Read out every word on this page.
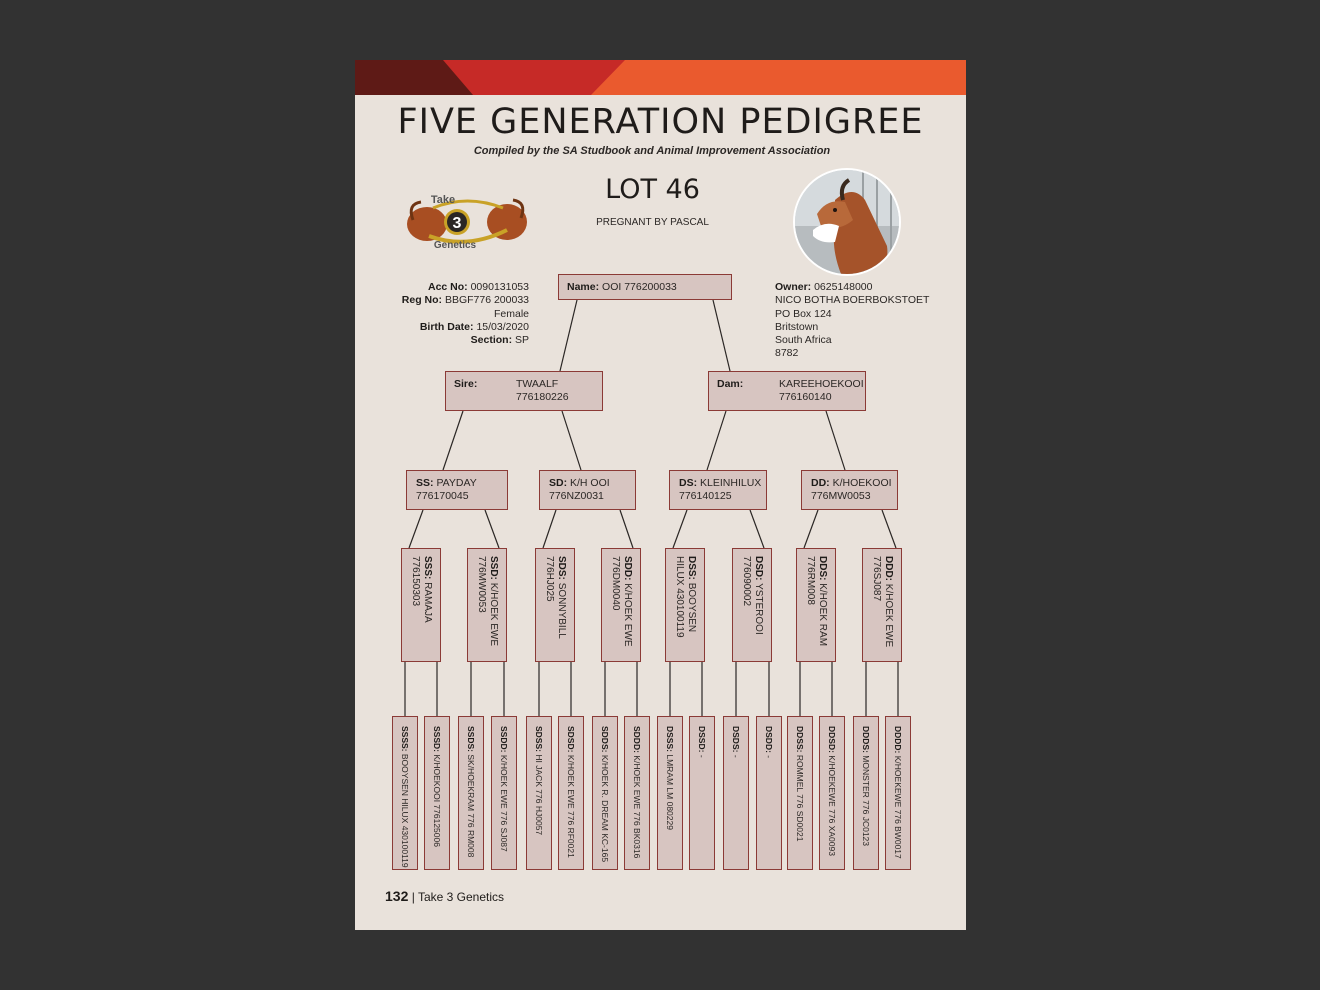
FIVE GENERATION PEDIGREE
Compiled by the SA Studbook and Animal Improvement Association
LOT 46
PREGNANT BY PASCAL
3
Take
Genetics
Acc No: 0090131053
Reg No: BBGF776 200033
Female
Birth Date: 15/03/2020
Section: SP
Owner: 0625148000
NICO BOTHA BOERBOKSTOET
PO Box 124
Britstown
South Africa
8782
Name:
OOI 776200033
Sire:	TWAALF
776180226
Dam:	KAREEHOEKOOI
776160140
SS: PAYDAY
776170045
SD: K/H OOI
776NZ0031
DS: KLEINHILUX
776140125
DD: K/HOEKOOI
776MW0053
SSS: RAMAJA
776150303	SSD: K/HOEK EWE
776MW0053	SDS: SONNYBILL
776HJ025	SDD: K/HOEK EWE
776DM0040	DSS: BOOYSEN
HILUX 430100119	DSD: YSTEROOI
776090002	DDS: K/HOEK RAM
776RM008	DDD: K/HOEK EWE
776SJ087
SSSS: BOOYSEN HILUX 430100119
SSSD: K/HOEKOOI 776125006
SSDS: SK/HOEKRAM 776 RM008
SSDD: K/HOEK EWE 776 SJ087
SDSS: HI JACK 776 HJ0057
SDSD: K/HOEK EWE 776 RF0021
SDDS: K/HOEK R. DREAM KC-165
SDDD: K/HOEK EWE 776 BK0316
DSSS: LMRAM LM 080229
DSSD: -
DSDS: -
DSDD: -
DDSS: ROMMEL 776 SD0021
DDSD: K/HOEKEWE 776 XA0093
DDDS: MONSTER 776 JC0123
DDDD: K/HOEKEWE 776 BW0017
132 | Take 3 Genetics
